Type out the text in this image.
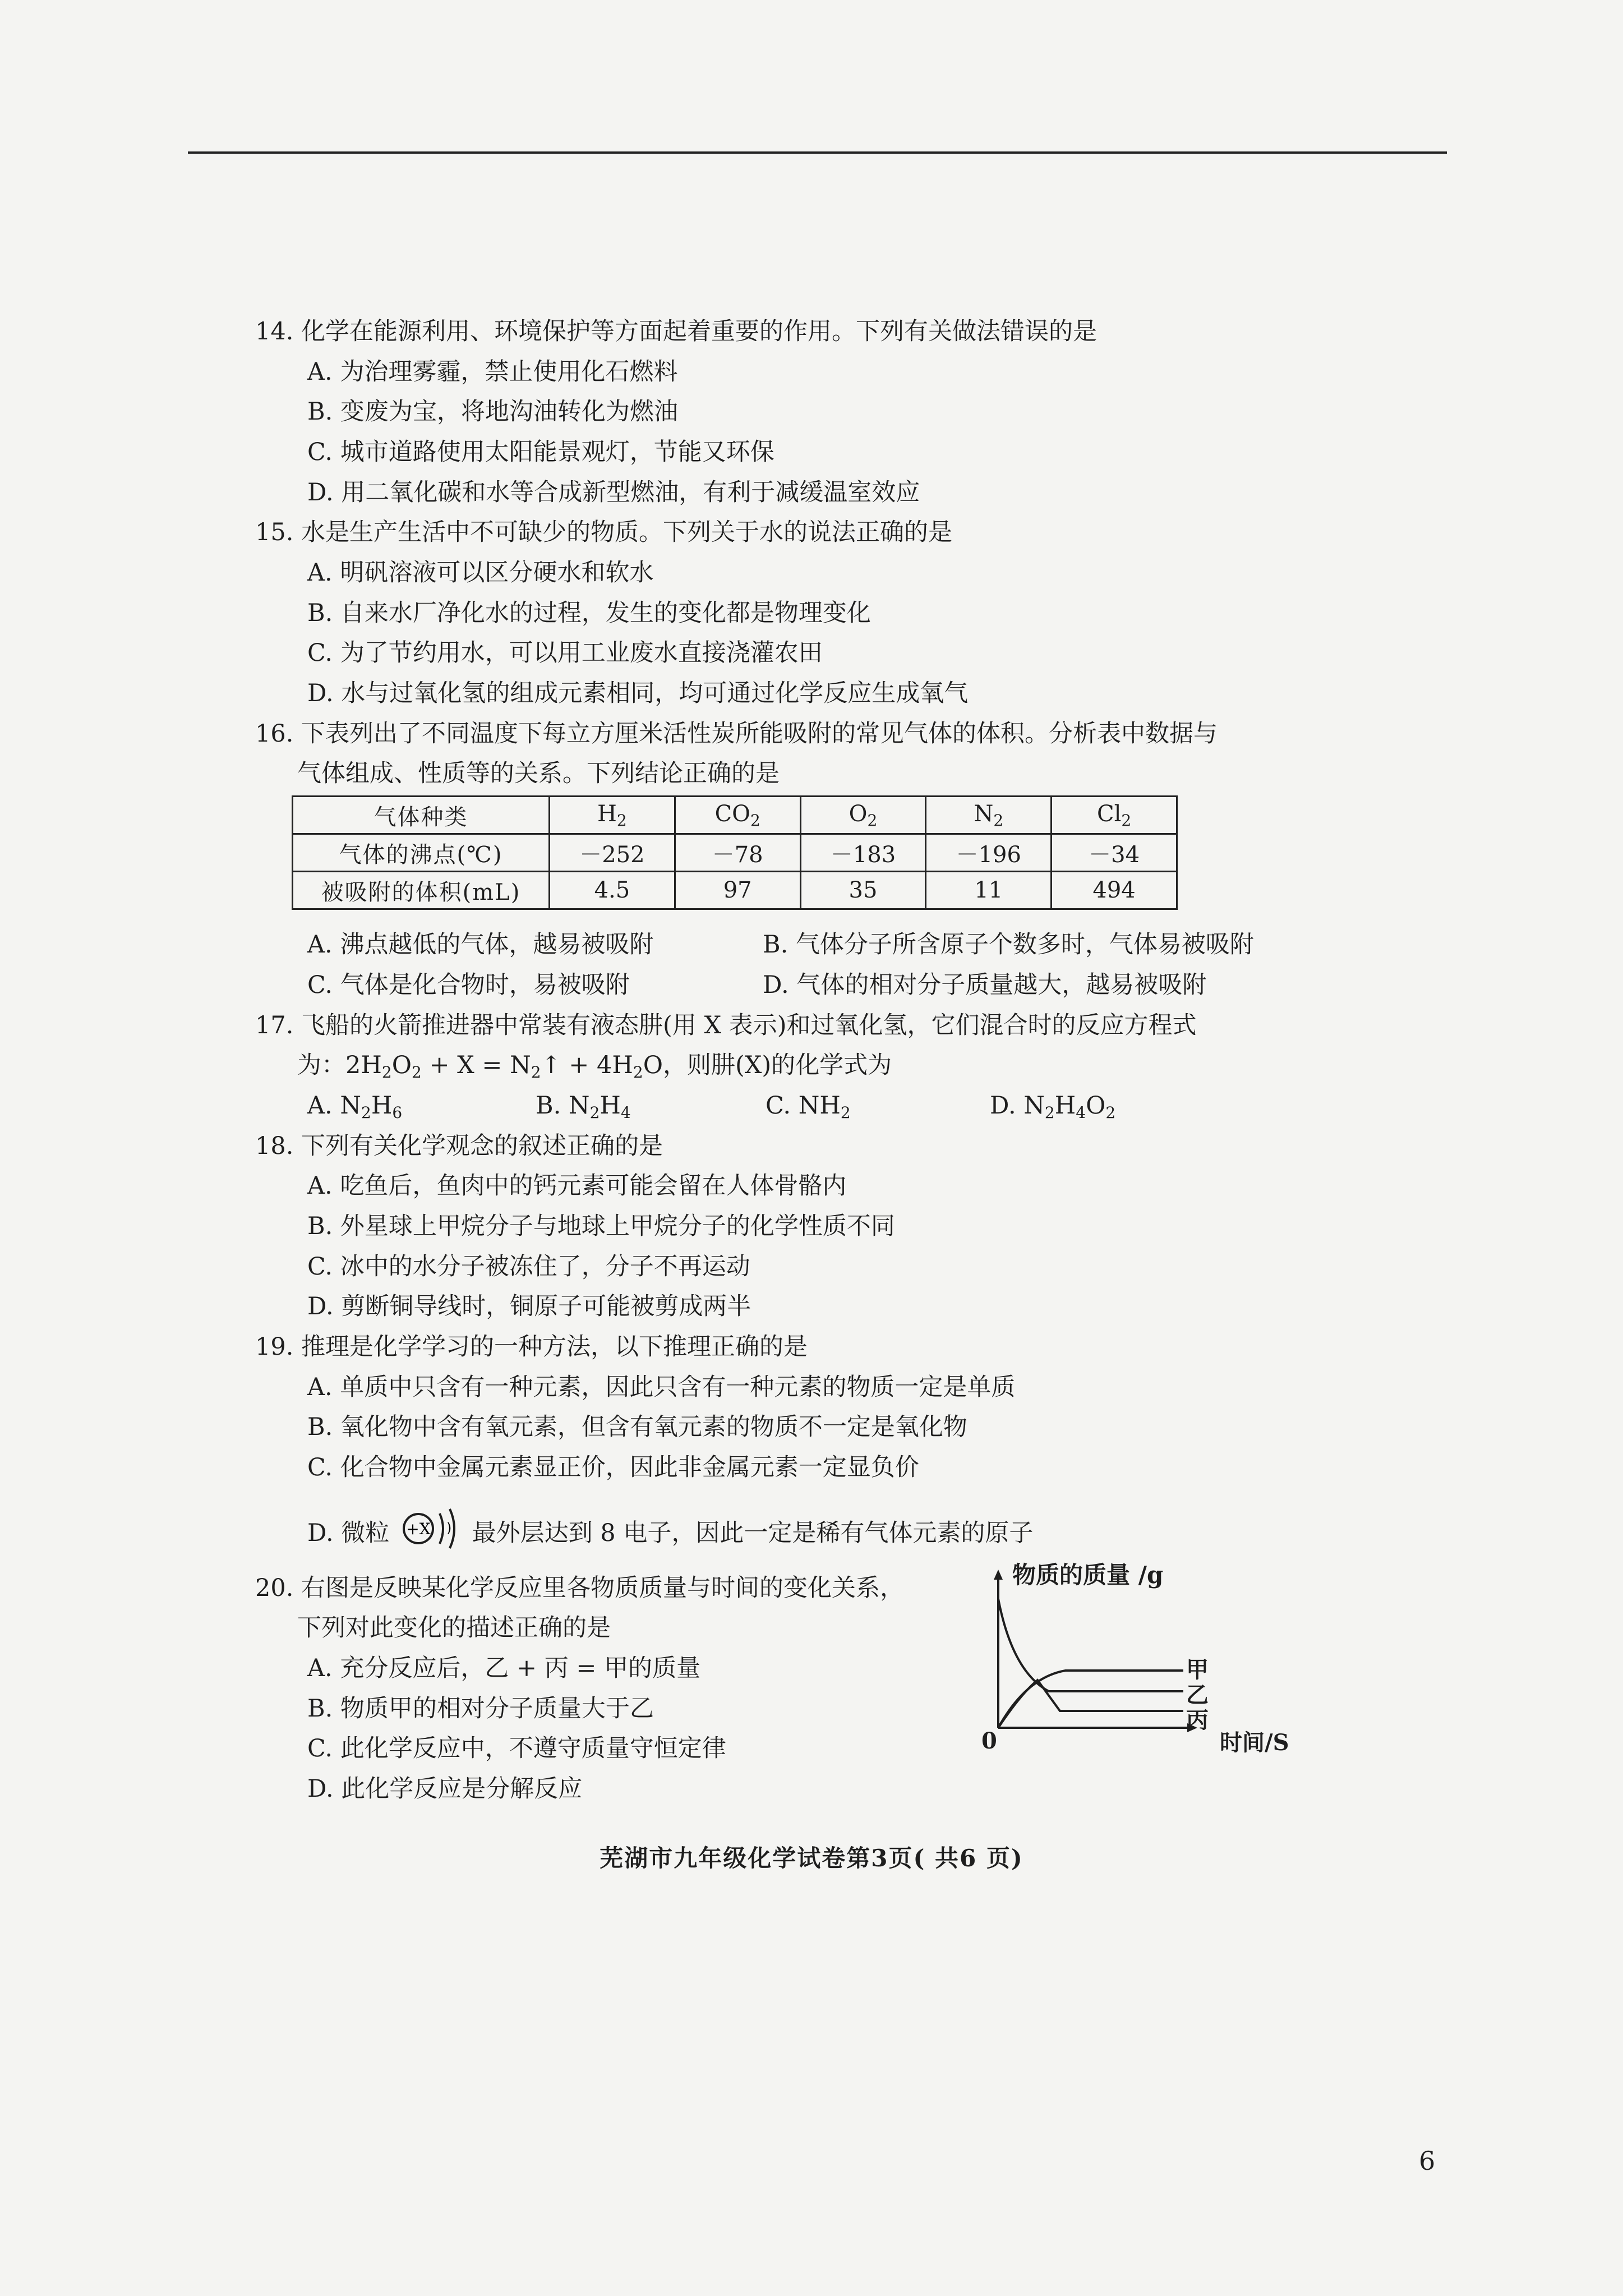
14. 化学在能源利用、环境保护等方面起着重要的作用。下列有关做法错误的是
A. 为治理雾霾，禁止使用化石燃料
B. 变废为宝，将地沟油转化为燃油
C. 城市道路使用太阳能景观灯，节能又环保
D. 用二氧化碳和水等合成新型燃油，有利于减缓温室效应
15. 水是生产生活中不可缺少的物质。下列关于水的说法正确的是
A. 明矾溶液可以区分硬水和软水
B. 自来水厂净化水的过程，发生的变化都是物理变化
C. 为了节约用水，可以用工业废水直接浇灌农田
D. 水与过氧化氢的组成元素相同，均可通过化学反应生成氧气
16. 下表列出了不同温度下每立方厘米活性炭所能吸附的常见气体的体积。分析表中数据与
气体组成、性质等的关系。下列结论正确的是
气体种类	$H_2$	$CO_2$	$O_2$	$N_2$	$Cl_2$
气体的沸点(℃)	－252	－78	－183	－196	－34
被吸附的体积(mL)	4.5	97	35	11	494
A. 沸点越低的气体，越易被吸附	B. 气体分子所含原子个数多时，气体易被吸附
C. 气体是化合物时，易被吸附	D. 气体的相对分子质量越大，越易被吸附
17. 飞船的火箭推进器中常装有液态肼(用 X 表示)和过氧化氢，它们混合时的反应方程式
为：$2H_2O_2 + X$ = $N_2↑ + 4H_2O$，则肼(X)的化学式为
A. $N_2H_6$	B. $N_2H_4$	C. $NH_2$	D. $N_2H_4O_2$
18. 下列有关化学观念的叙述正确的是
A. 吃鱼后，鱼肉中的钙元素可能会留在人体骨骼内
B. 外星球上甲烷分子与地球上甲烷分子的化学性质不同
C. 冰中的水分子被冻住了，分子不再运动
D. 剪断铜导线时，铜原子可能被剪成两半
19. 推理是化学学习的一种方法，以下推理正确的是
A. 单质中只含有一种元素，因此只含有一种元素的物质一定是单质
B. 氧化物中含有氧元素，但含有氧元素的物质不一定是氧化物
C. 化合物中金属元素显正价，因此非金属元素一定显负价
D. 微粒 +X ) 最外层达到 8 电子，因此一定是稀有气体元素的原子
20. 右图是反映某化学反应里各物质质量与时间的变化关系，
下列对此变化的描述正确的是
A. 充分反应后，乙 + 丙 = 甲的质量
B. 物质甲的相对分子质量大于乙
C. 此化学反应中，不遵守质量守恒定律
D. 此化学反应是分解反应
物质的质量 /g
0
甲
乙
丙
时间/S
芜湖市九年级化学试卷第3页( 共6 页)
6
